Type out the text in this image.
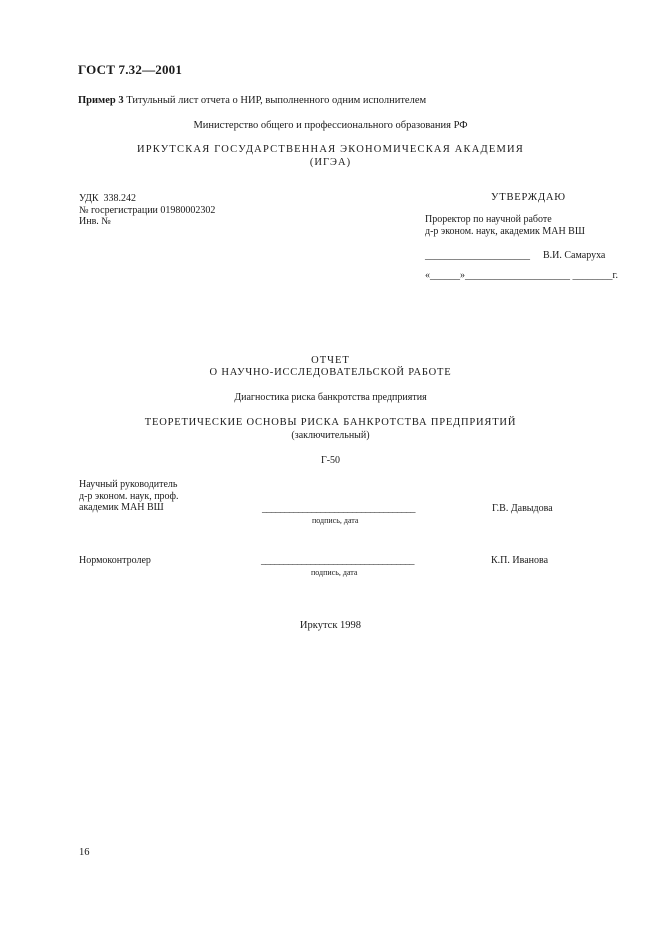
ГОСТ 7.32—2001
Пример 3 Титульный лист отчета о НИР, выполненного одним исполнителем
Министерство общего и профессионального образования РФ
ИРКУТСКАЯ ГОСУДАРСТВЕННАЯ ЭКОНОМИЧЕСКАЯ АКАДЕМИЯ
(ИГЭА)
УДК  338.242
№ госрегистрации 01980002302
Инв. №
УТВЕРЖДАЮ
Проректор по научной работе
д-р эконом. наук, академик МАН ВШ
_____________________ В.И. Самаруха
«______»_____________________ ________г.
ОТЧЕТ
О НАУЧНО-ИССЛЕДОВАТЕЛЬСКОЙ РАБОТЕ
Диагностика риска банкротства предприятия
ТЕОРЕТИЧЕСКИЕ ОСНОВЫ РИСКА БАНКРОТСТВА ПРЕДПРИЯТИЙ
(заключительный)
Г-50
Научный руководитель
д-р эконом. наук, проф.
академик МАН ВШ	__________________________________
подпись, дата
Г.В. Давыдова
Нормоконтролер	__________________________________
подпись, дата
К.П. Иванова
Иркутск 1998
16
